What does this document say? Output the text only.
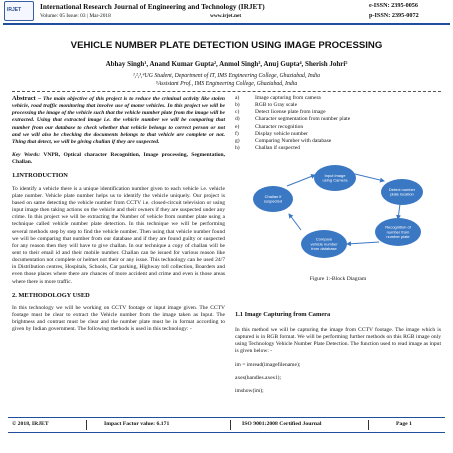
IRJET	International Research Journal of Engineering and Technology (IRJET)
Volume: 05 Issue: 03 | Mar-2018	www.irjet.net
e-ISSN: 2395-0056
p-ISSN: 2395-0072
VEHICLE NUMBER PLATE DETECTION USING IMAGE PROCESSING
Abhay Singh¹, Anand Kumar Gupta², Anmol Singh³, Anuj Gupta⁴, Sherish Johri⁵
¹,²,³,⁴UG Student, Department of IT, IMS Engineering College, Ghaziabad, India
⁵Assistant Prof., IMS Engineering College, Ghaziabad, India

Abstract – The main objective of this project is to reduce the criminal activity like stolen vehicle, road traffic monitoring that involve use of motor vehicles. In this project we will be processing the image of the vehicle such that the vehicle number plate from the image will be extracted. Using that extracted image i.e. the vehicle number we will be comparing that number from our database to check whether that vehicle belongs to correct person or not and we will also be checking the documents belongs to that vehicle are complete or not. Thing that detect, we will be giving challan if they are suspected.

Key Words: VNPR, Optical character Recognition, Image processing, Segmentation, Challan.

1.INTRODUCTION

To identify a vehicle there is a unique identification number given to each vehicle i.e. vehicle plate number. Vehicle plate number helps us to identify the vehicle uniquely. Our project is based on same detecting the vehicle number from CCTV i.e. closed-circuit television or using input image then taking actions on the vehicle and their owners if they are suspected under any crime. In this project we will be extracting the Number of vehicle from number plate using a technique called vehicle number plate detection. In this technique we will be performing several methods step by step to find the vehicle number. Then using that vehicle number found we will be comparing that number from our database and if they are found guilty or suspected for any reason then they will have to give challan. In our technique a copy of challan will be sent to their email id and their mobile number. Challan can be issued for various reason like documentation not complete or helmet not their or any issue. This technology can be used 24/7 in Distribution centres, Hospitals, Schools, Car parking, Highway toll collection, Boarders and even those places where there are chances of more accident and crime and even is those areas where there is more traffic.

2. METHODOLOGY USED

In this technology we will be working on CCTV footage or input image given. The CCTV footage must be clear to extract the Vehicle number from the image taken as Input. The brightness and contrast must be clear and the number plate must be in format according to given by Indian government. The following methods is used in this technology: -

a)	Image capturing from camera
b)	RGB to Gray scale
c)	Detect license plate from image
d)	Character segmentation from number plate
e)	Character recognition
f)	Display vehicle number
g)	Comparing Number with database
h)	Challan if suspected
Figure 1:-Block Diagram
1.1 Image Capturing from Camera

In this method we will be capturing the image from CCTV footage. The image which is captured is in RGB format. We will be performing further methods on this RGB image only using Technology Vehicle Number Plate Detection. The function used to read image as input is given below: -

im = imread(imagefilename);

axes(handles.axes1);

imshow(im);

Input image using Camera
Detect number plate location
Recognition of number from number plate
Compare vehicle number from database
Challan if suspected
© 2018, IRJET	Impact Factor value: 6.171	ISO 9001:2008 Certified Journal	Page 1
